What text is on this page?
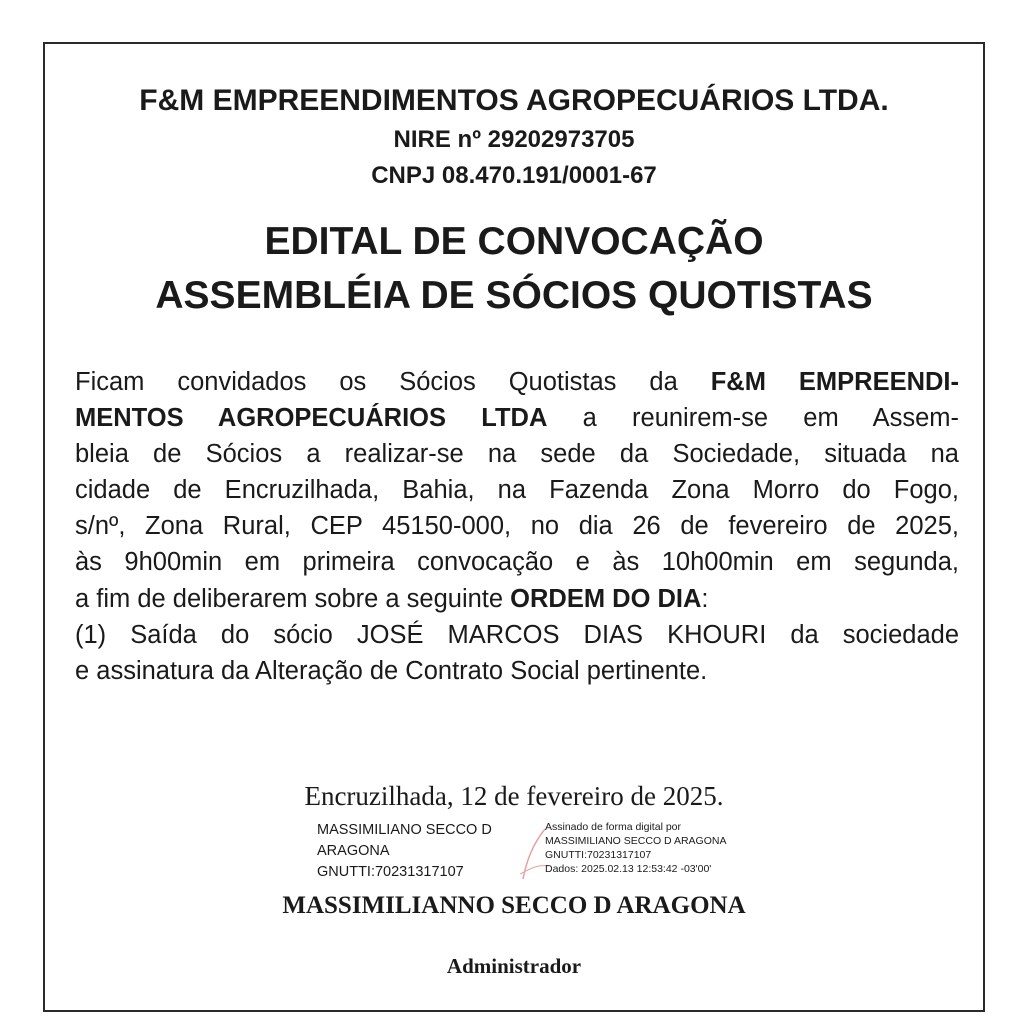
F&M EMPREENDIMENTOS AGROPECUÁRIOS LTDA.
NIRE nº 29202973705
CNPJ 08.470.191/0001-67
EDITAL DE CONVOCAÇÃO
ASSEMBLÉIA DE SÓCIOS QUOTISTAS
Ficam convidados os Sócios Quotistas da F&M EMPREENDI-
MENTOS AGROPECUÁRIOS LTDA a reunirem-se em Assem-
bleia de Sócios a realizar-se na sede da Sociedade, situada na
cidade de Encruzilhada, Bahia, na Fazenda Zona Morro do Fogo,
s/nº, Zona Rural, CEP 45150-000, no dia 26 de fevereiro de 2025,
às 9h00min em primeira convocação e às 10h00min em segunda,
a fim de deliberarem sobre a seguinte ORDEM DO DIA:
(1) Saída do sócio JOSÉ MARCOS DIAS KHOURI da sociedade
e assinatura da Alteração de Contrato Social pertinente.
Encruzilhada, 12 de fevereiro de 2025.
MASSIMILIANO SECCO D
ARAGONA
GNUTTI:70231317107
Assinado de forma digital por
MASSIMILIANO SECCO D ARAGONA
GNUTTI:70231317107
Dados: 2025.02.13 12:53:42 -03'00'
MASSIMILIANNO SECCO D ARAGONA
Administrador
